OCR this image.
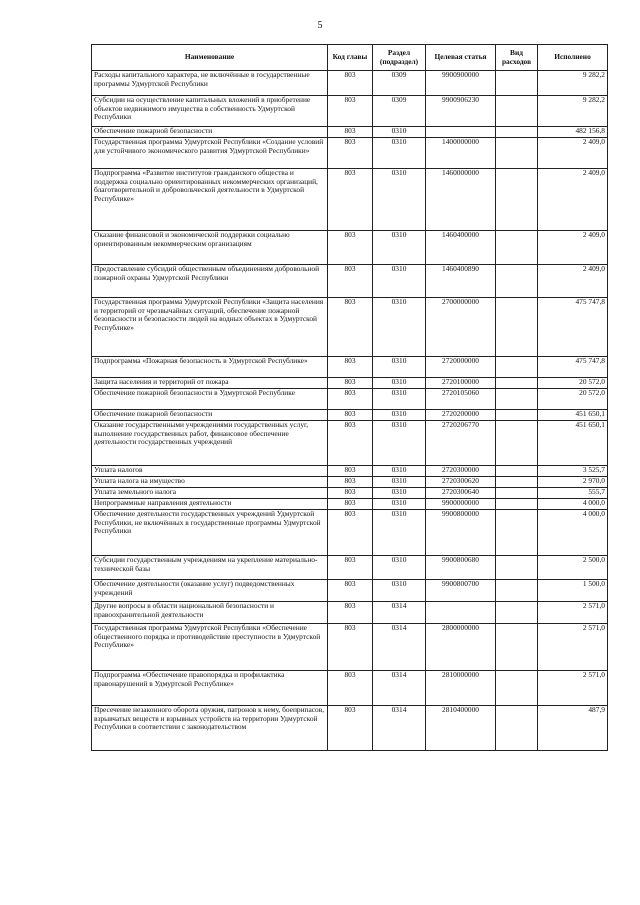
5
Наименование	Код главы	Раздел (подраздел)	Целевая статья	Вид расходов	Исполнено
Расходы капитального характера, не включённые в государственные программы Удмуртской Республики	803	0309	9900900000		9 282,2
Субсидии на осуществление капитальных вложений в приобретение объектов недвижимого имущества в собственность Удмуртской Республики	803	0309	9900906230		9 282,2
Обеспечение пожарной безопасности	803	0310			482 156,8
Государственная программа Удмуртской Республики «Создание условий для устойчивого экономического развития Удмуртской Республики»	803	0310	1400000000		2 409,0
Подпрограмма «Развитие институтов гражданского общества и поддержка социально ориентированных некоммерческих организаций, благотворительной и добровольческой деятельности в Удмуртской Республике»	803	0310	1460000000		2 409,0
Оказание финансовой и экономической поддержки социально ориентированным некоммерческим организациям	803	0310	1460400000		2 409,0
Предоставление субсидий общественным объединениям добровольной пожарной охраны Удмуртской Республики	803	0310	1460400890		2 409,0
Государственная программа Удмуртской Республики «Защита населения и территорий от чрезвычайных ситуаций, обеспечение пожарной безопасности и безопасности людей на водных объектах в Удмуртской Республике»	803	0310	2700000000		475 747,8
Подпрограмма «Пожарная безопасность в Удмуртской Республике»	803	0310	2720000000		475 747,8
Защита населения и территорий от пожара	803	0310	2720100000		20 572,0
Обеспечение пожарной безопасности в Удмуртской Республике	803	0310	2720105060		20 572,0
Обеспечение пожарной безопасности	803	0310	2720200000		451 650,1
Оказание государственными учреждениями государственных услуг, выполнение государственных работ, финансовое обеспечение деятельности государственных учреждений	803	0310	2720206770		451 650,1
Уплата налогов	803	0310	2720300000		3 525,7
Уплата налога на имущество	803	0310	2720300620		2 970,0
Уплата земельного налога	803	0310	2720300640		555,7
Непрограммные направления деятельности	803	0310	9900000000		4 000,0
Обеспечение деятельности государственных учреждений Удмуртской Республики, не включённых в государственные программы Удмуртской Республики	803	0310	9900800000		4 000,0
Субсидии государственным учреждениям на укрепление материально-технической базы	803	0310	9900800680		2 500,0
Обеспечение деятельности (оказание услуг) подведомственных учреждений	803	0310	9900800700		1 500,0
Другие вопросы в области национальной безопасности и правоохранительной деятельности	803	0314			2 571,0
Государственная программа Удмуртской Республики «Обеспечение общественного порядка и противодействие преступности в Удмуртской Республике»	803	0314	2800000000		2 571,0
Подпрограмма «Обеспечение правопорядка и профилактика правонарушений в Удмуртской Республике»	803	0314	2810000000		2 571,0
Пресечение незаконного оборота оружия, патронов к нему, боеприпасов, взрывчатых веществ и взрывных устройств на территории Удмуртской Республики в соответствии с законодательством	803	0314	2810400000		487,9
